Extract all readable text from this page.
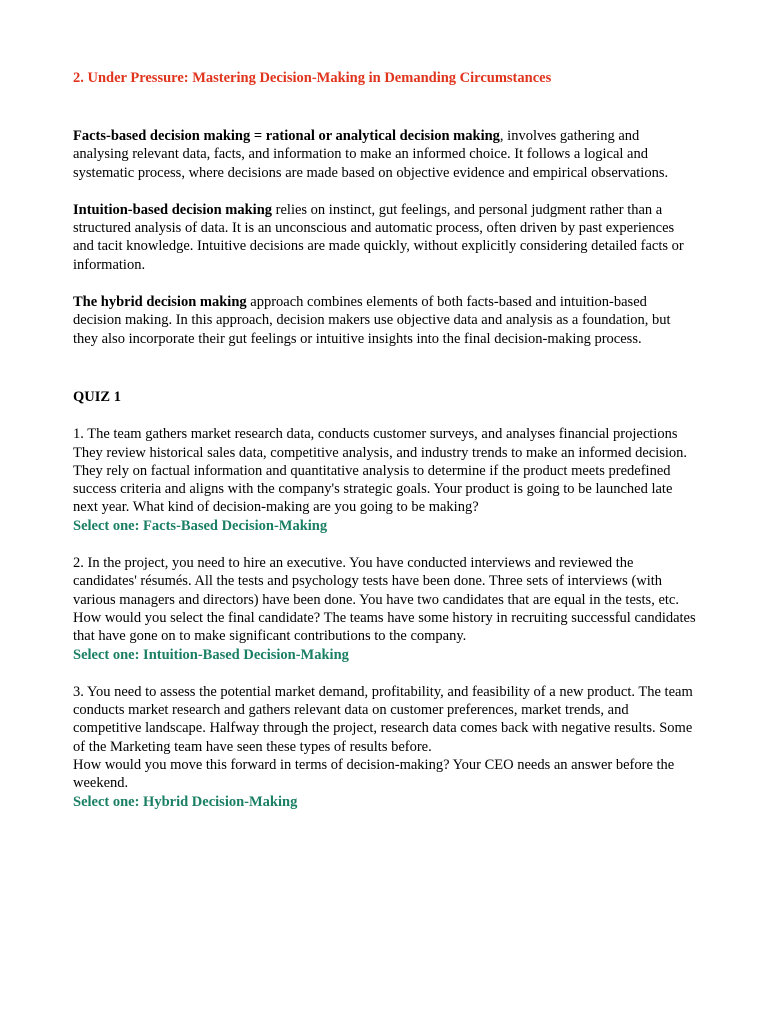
2. Under Pressure: Mastering Decision-Making in Demanding Circumstances

Facts-based decision making = rational or analytical decision making, involves gathering and analysing relevant data, facts, and information to make an informed choice. It follows a logical and systematic process, where decisions are made based on objective evidence and empirical observations.

Intuition-based decision making relies on instinct, gut feelings, and personal judgment rather than a structured analysis of data. It is an unconscious and automatic process, often driven by past experiences and tacit knowledge. Intuitive decisions are made quickly, without explicitly considering detailed facts or information.

The hybrid decision making approach combines elements of both facts-based and intuition-based decision making. In this approach, decision makers use objective data and analysis as a foundation, but they also incorporate their gut feelings or intuitive insights into the final decision-making process.

QUIZ 1

1. The team gathers market research data, conducts customer surveys, and analyses financial projections They review historical sales data, competitive analysis, and industry trends to make an informed decision. They rely on factual information and quantitative analysis to determine if the product meets predefined success criteria and aligns with the company's strategic goals. Your product is going to be launched late next year. What kind of decision-making are you going to be making?

Select one: Facts-Based Decision-Making

2. In the project, you need to hire an executive. You have conducted interviews and reviewed the candidates' résumés. All the tests and psychology tests have been done. Three sets of interviews (with various managers and directors) have been done. You have two candidates that are equal in the tests, etc. How would you select the final candidate? The teams have some history in recruiting successful candidates that have gone on to make significant contributions to the company.

Select one: Intuition-Based Decision-Making

3. You need to assess the potential market demand, profitability, and feasibility of a new product. The team conducts market research and gathers relevant data on customer preferences, market trends, and competitive landscape. Halfway through the project, research data comes back with negative results. Some of the Marketing team have seen these types of results before.

How would you move this forward in terms of decision-making? Your CEO needs an answer before the weekend.

Select one: Hybrid Decision-Making
